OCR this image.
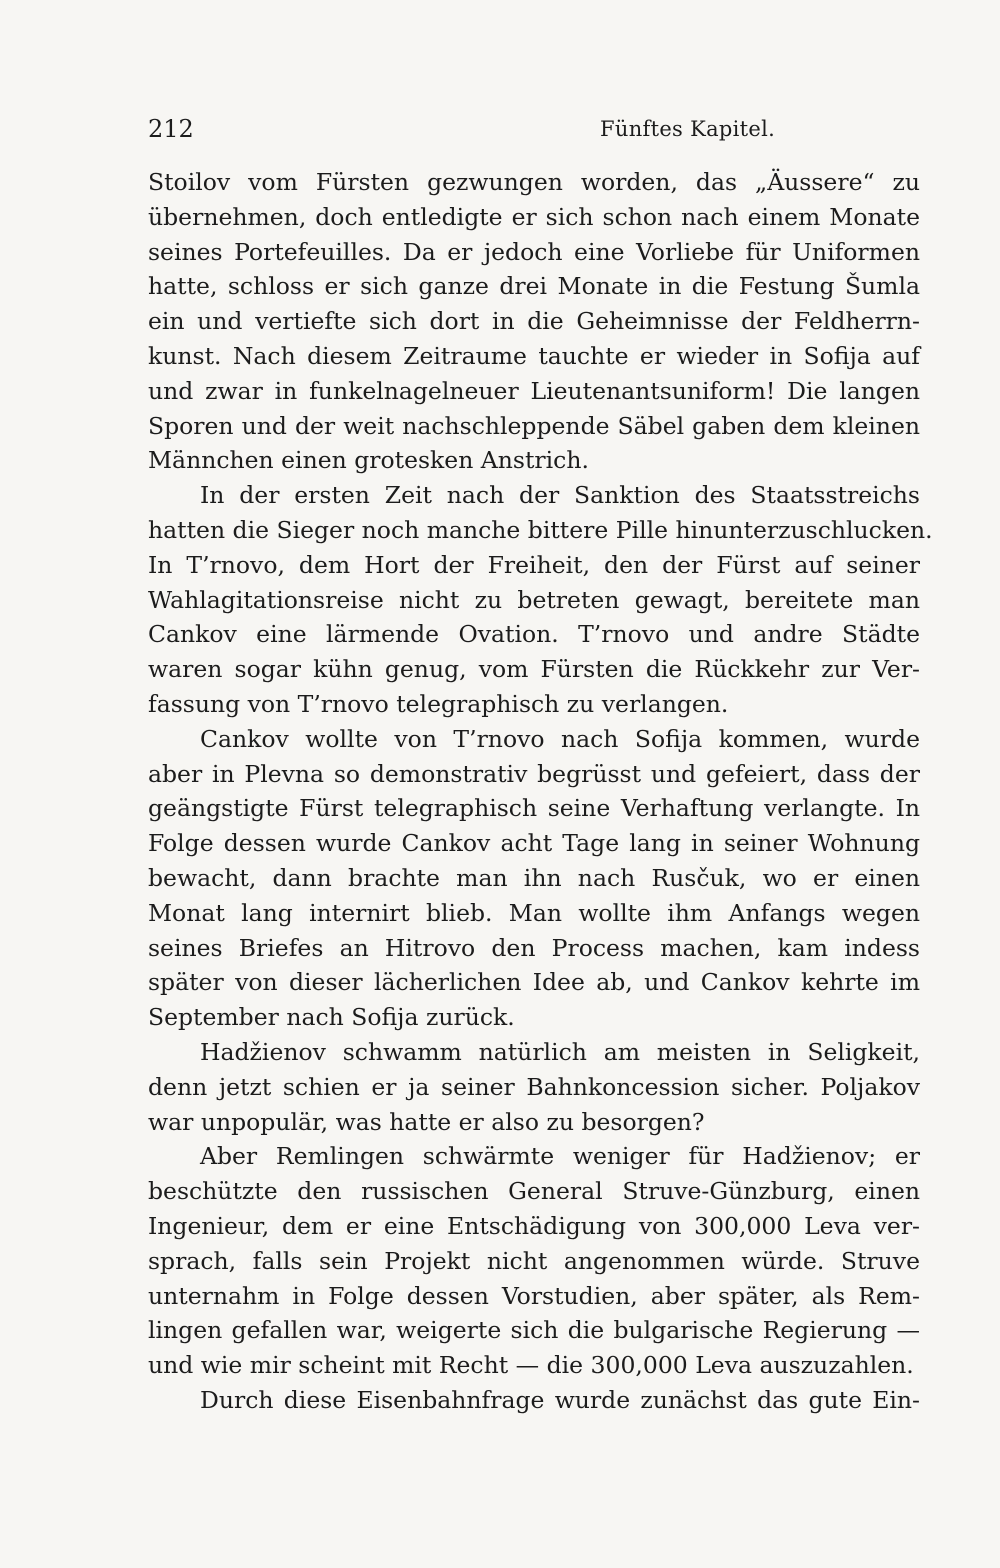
212	Fünftes Kapitel.
Stoilov vom Fürsten gezwungen worden, das „Äussere“ zu
übernehmen, doch entledigte er sich schon nach einem Monate
seines Portefeuilles. Da er jedoch eine Vorliebe für Uniformen
hatte, schloss er sich ganze drei Monate in die Festung Šumla
ein und vertiefte sich dort in die Geheimnisse der Feldherrn-
kunst. Nach diesem Zeitraume tauchte er wieder in Sofija auf
und zwar in funkelnagelneuer Lieutenantsuniform! Die langen
Sporen und der weit nachschleppende Säbel gaben dem kleinen
Männchen einen grotesken Anstrich.
In der ersten Zeit nach der Sanktion des Staatsstreichs
hatten die Sieger noch manche bittere Pille hinunterzuschlucken.
In T’rnovo, dem Hort der Freiheit, den der Fürst auf seiner
Wahlagitationsreise nicht zu betreten gewagt, bereitete man
Cankov eine lärmende Ovation. T’rnovo und andre Städte
waren sogar kühn genug, vom Fürsten die Rückkehr zur Ver-
fassung von T’rnovo telegraphisch zu verlangen.
Cankov wollte von T’rnovo nach Sofija kommen, wurde
aber in Plevna so demonstrativ begrüsst und gefeiert, dass der
geängstigte Fürst telegraphisch seine Verhaftung verlangte. In
Folge dessen wurde Cankov acht Tage lang in seiner Wohnung
bewacht, dann brachte man ihn nach Rusčuk, wo er einen
Monat lang internirt blieb. Man wollte ihm Anfangs wegen
seines Briefes an Hitrovo den Process machen, kam indess
später von dieser lächerlichen Idee ab, und Cankov kehrte im
September nach Sofija zurück.
Hadžienov schwamm natürlich am meisten in Seligkeit,
denn jetzt schien er ja seiner Bahnkoncession sicher. Poljakov
war unpopulär, was hatte er also zu besorgen?
Aber Remlingen schwärmte weniger für Hadžienov; er
beschützte den russischen General Struve-Günzburg, einen
Ingenieur, dem er eine Entschädigung von 300,000 Leva ver-
sprach, falls sein Projekt nicht angenommen würde. Struve
unternahm in Folge dessen Vorstudien, aber später, als Rem-
lingen gefallen war, weigerte sich die bulgarische Regierung —
und wie mir scheint mit Recht — die 300,000 Leva auszuzahlen.
Durch diese Eisenbahnfrage wurde zunächst das gute Ein-
